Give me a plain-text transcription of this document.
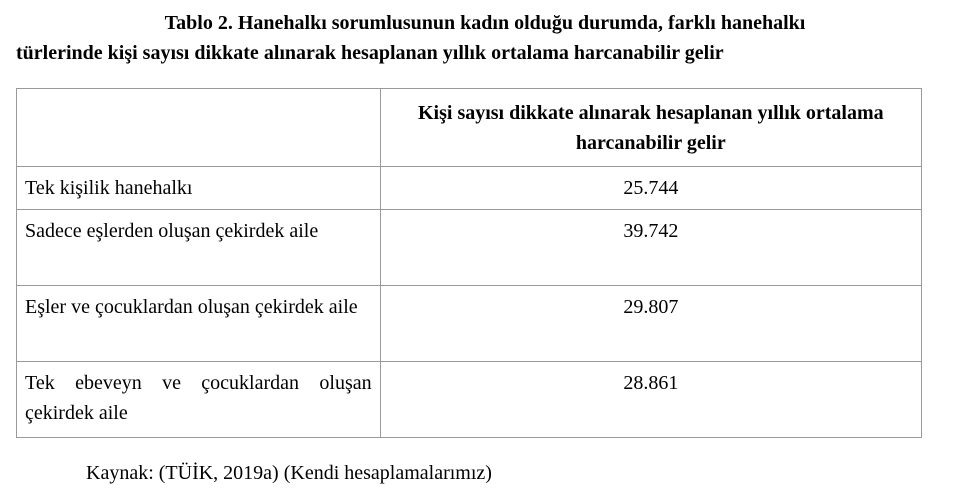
Tablo 2. Hanehalkı sorumlusunun kadın olduğu durumda, farklı hanehalkı
türlerinde kişi sayısı dikkate alınarak hesaplanan yıllık ortalama harcanabilir gelir
	Kişi sayısı dikkate alınarak hesaplanan yıllık ortalama harcanabilir gelir
Tek kişilik hanehalkı	25.744
Sadece eşlerden oluşan çekirdek aile	39.742
Eşler ve çocuklardan oluşan çekirdek aile	29.807
Tek ebeveyn ve çocuklardan oluşan çekirdek aile	28.861
Kaynak: (TÜİK, 2019a) (Kendi hesaplamalarımız)
